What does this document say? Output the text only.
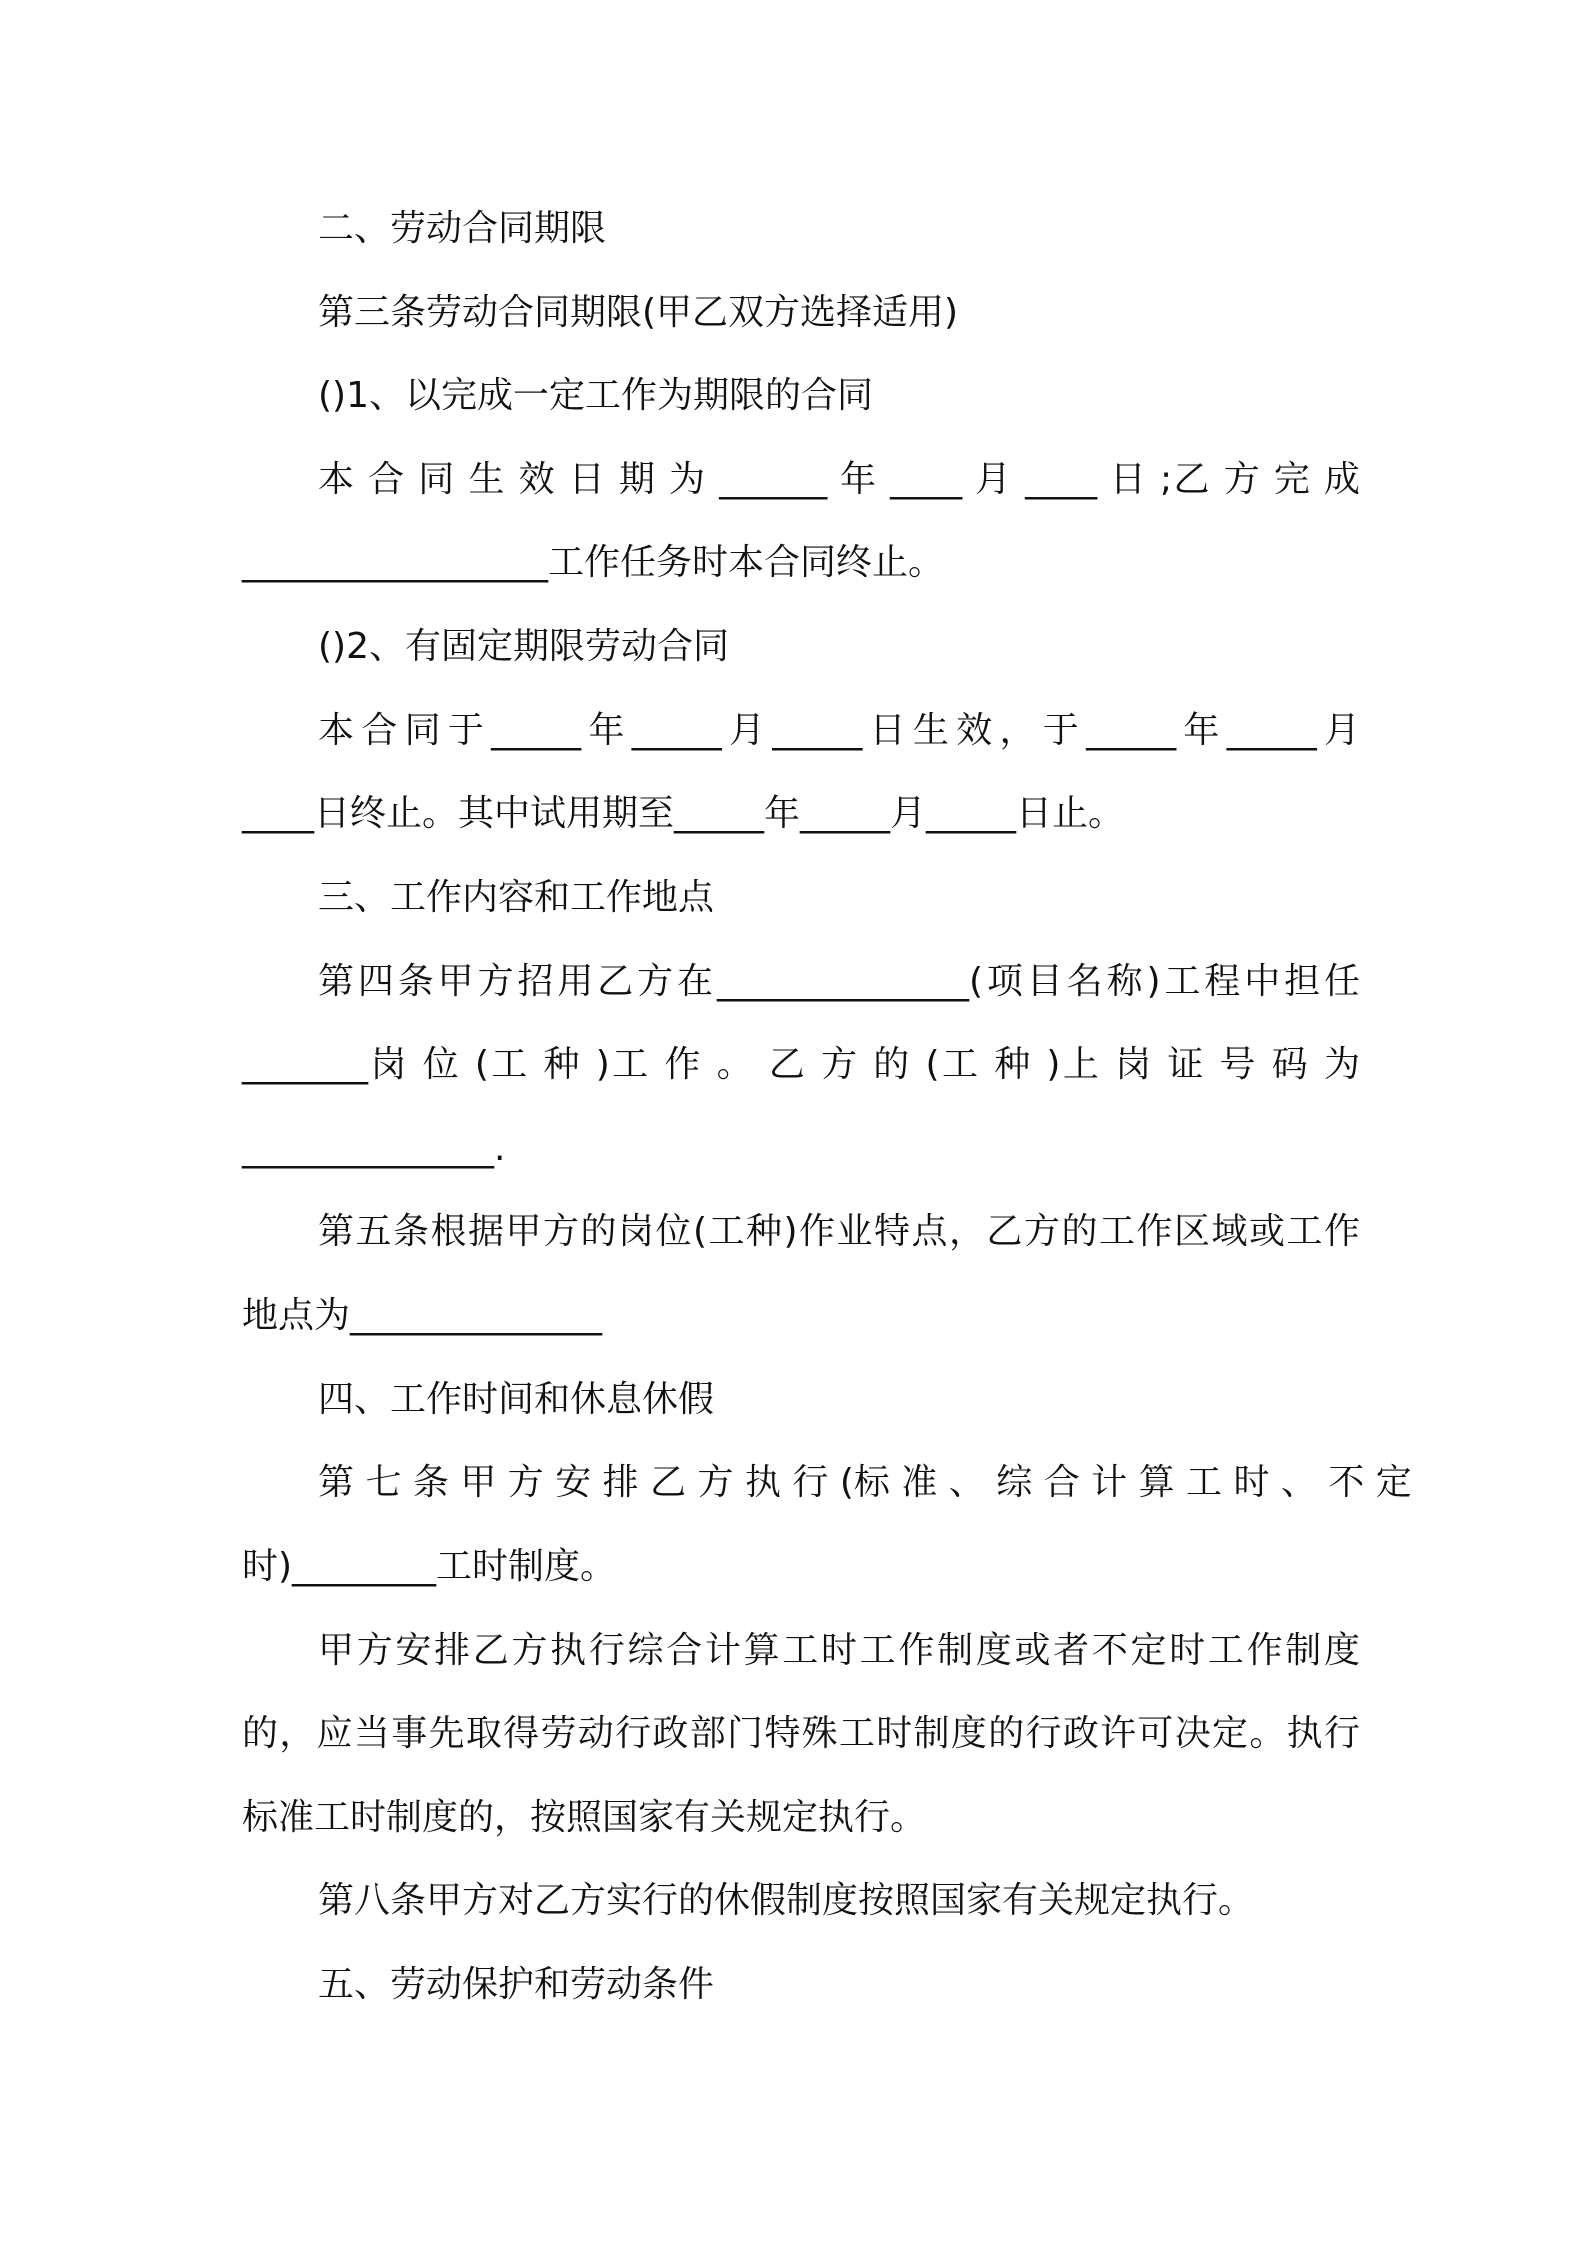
二、劳动合同期限
第三条劳动合同期限(甲乙双方选择适用)
()1、以完成一定工作为期限的合同
本 合 同 生 效 日 期 为 ______ 年 ____ 月 ____ 日 ;乙 方 完 成
_________________工作任务时本合同终止。
()2、有固定期限劳动合同
本合同于_____年_____月_____日生效，于_____年_____月
____日终止。其中试用期至_____年_____月_____日止。
三、工作内容和工作地点
第四条甲方招用乙方在______________(项目名称)工程中担任
_______岗 位 (工 种 )工 作 。 乙 方 的 (工 种 )上 岗 证 号 码 为
______________.
第五条根据甲方的岗位(工种)作业特点，乙方的工作区域或工作
地点为______________
四、工作时间和休息休假
第 七 条 甲 方 安 排 乙 方 执 行 (标 准 、 综 合 计 算 工 时 、 不 定
时)________工时制度。
甲方安排乙方执行综合计算工时工作制度或者不定时工作制度
的，应当事先取得劳动行政部门特殊工时制度的行政许可决定。执行
标准工时制度的，按照国家有关规定执行。
第八条甲方对乙方实行的休假制度按照国家有关规定执行。
五、劳动保护和劳动条件
